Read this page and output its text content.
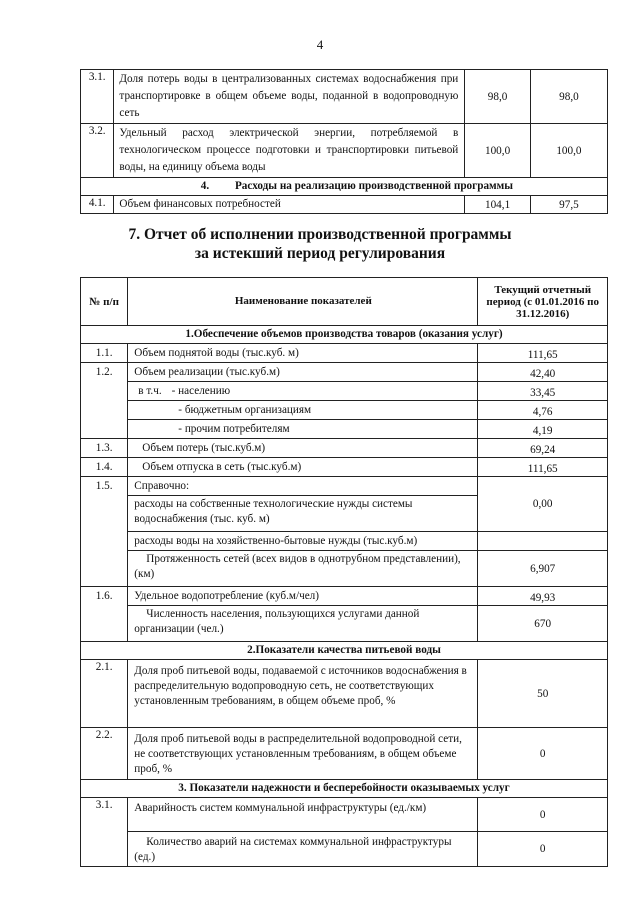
4
3.1.	Доля потерь воды в централизованных системах водоснабжения при транспортировке в общем объеме воды, поданной в водопроводную сеть	98,0	98,0
3.2.	Удельный расход электрической энергии, потребляемой в технологическом процессе подготовки и транспортировки питьевой воды, на единицу объема воды	100,0	100,0
4. Расходы на реализацию производственной программы			
4.1.	Объем финансовых потребностей	104,1	97,5
7. Отчет об исполнении производственной программы
за истекший период регулирования
№ п/п	Наименование показателей	Текущий отчетный период (с 01.01.2016 по 31.12.2016)
1.Обеспечение объемов производства товаров (оказания услуг)		
1.1.	Объем поднятой воды (тыс.куб. м)	111,65
1.2.	Объем реализации (тыс.куб.м)	42,40
	в т.ч. - населению	33,45
	- бюджетным организациям	4,76
	- прочим потребителям	4,19
1.3.	Объем потерь (тыс.куб.м)	69,24
1.4.	Объем отпуска в сеть (тыс.куб.м)	111,65
1.5.	Справочно:	0,00
	расходы на собственные технологические нужды системы водоснабжения (тыс. куб. м)	
	расходы воды на хозяйственно-бытовые нужды (тыс.куб.м)	
	Протяженность сетей (всех видов в однотрубном представлении), (км)	6,907
1.6.	Удельное водопотребление (куб.м/чел)	49,93
	Численность населения, пользующихся услугами данной организации (чел.)	670
2.Показатели качества питьевой воды		
2.1.	Доля проб питьевой воды, подаваемой с источников водоснабжения в распределительную водопроводную сеть, не соответствующих установленным требованиям, в общем объеме проб, %	50
2.2.	Доля проб питьевой воды в распределительной водопроводной сети, не соответствующих установленным требованиям, в общем объеме проб, %	0
3. Показатели надежности и бесперебойности оказываемых услуг		
3.1.	Аварийность систем коммунальной инфраструктуры (ед./км)	0
	Количество аварий на системах коммунальной инфраструктуры (ед.)	0
